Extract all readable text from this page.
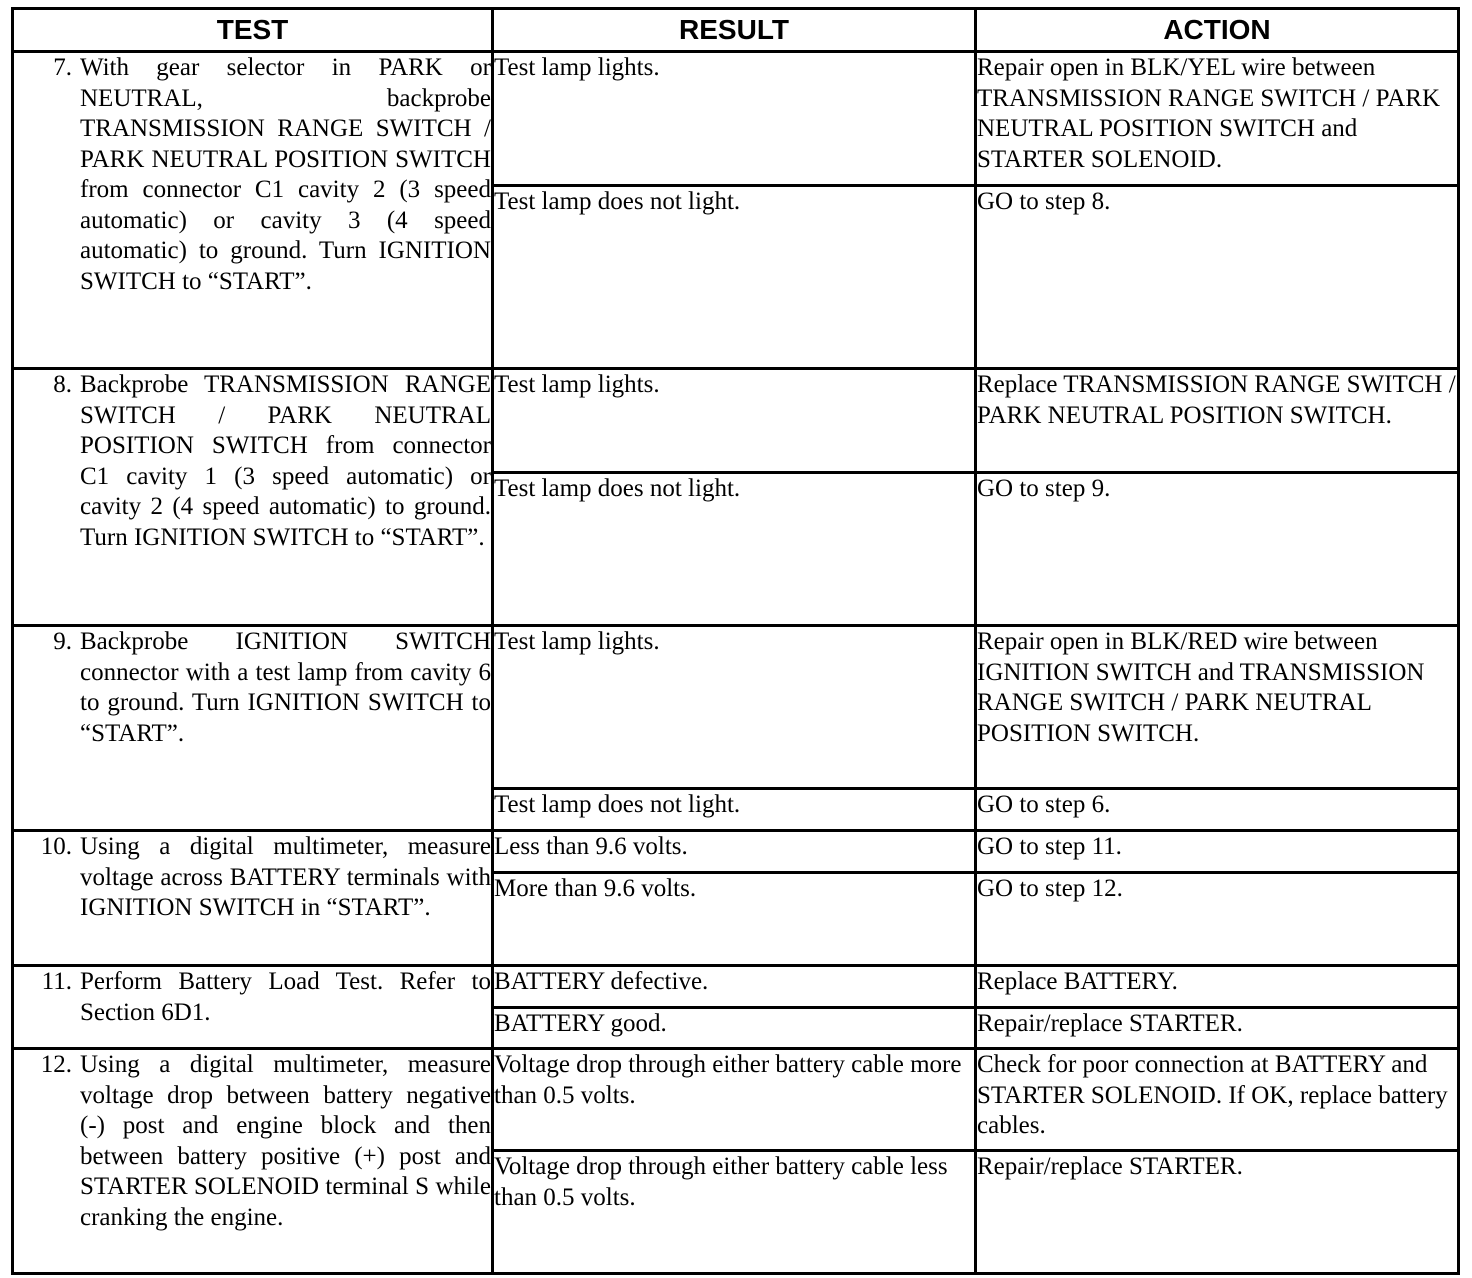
TEST	RESULT	ACTION

7. With gear selector in PARK or NEUTRAL, backprobe TRANSMISSION RANGE SWITCH / PARK NEUTRAL POSITION SWITCH from connector C1 cavity 2 (3 speed automatic) or cavity 3 (4 speed automatic) to ground. Turn IGNITION SWITCH to “START”.	Test lamp lights.	Repair open in BLK/YEL wire between TRANSMISSION RANGE SWITCH / PARK NEUTRAL POSITION SWITCH and STARTER SOLENOID.
	Test lamp does not light.	GO to step 8.

8. Backprobe TRANSMISSION RANGE SWITCH / PARK NEUTRAL POSITION SWITCH from connector C1 cavity 1 (3 speed automatic) or cavity 2 (4 speed automatic) to ground. Turn IGNITION SWITCH to “START”.	Test lamp lights.	Replace TRANSMISSION RANGE SWITCH / PARK NEUTRAL POSITION SWITCH.
	Test lamp does not light.	GO to step 9.

9. Backprobe IGNITION SWITCH connector with a test lamp from cavity 6 to ground. Turn IGNITION SWITCH to “START”.	Test lamp lights.	Repair open in BLK/RED wire between IGNITION SWITCH and TRANSMISSION RANGE SWITCH / PARK NEUTRAL POSITION SWITCH.
	Test lamp does not light.	GO to step 6.

10. Using a digital multimeter, measure voltage across BATTERY terminals with IGNITION SWITCH in “START”.	Less than 9.6 volts.	GO to step 11.
	More than 9.6 volts.	GO to step 12.

11. Perform Battery Load Test. Refer to Section 6D1.	BATTERY defective.	Replace BATTERY.
	BATTERY good.	Repair/replace STARTER.

12. Using a digital multimeter, measure voltage drop between battery negative (-) post and engine block and then between battery positive (+) post and STARTER SOLENOID terminal S while cranking the engine.	Voltage drop through either battery cable more than 0.5 volts.	Check for poor connection at BATTERY and STARTER SOLENOID. If OK, replace battery cables.
	Voltage drop through either battery cable less than 0.5 volts.	Repair/replace STARTER.
